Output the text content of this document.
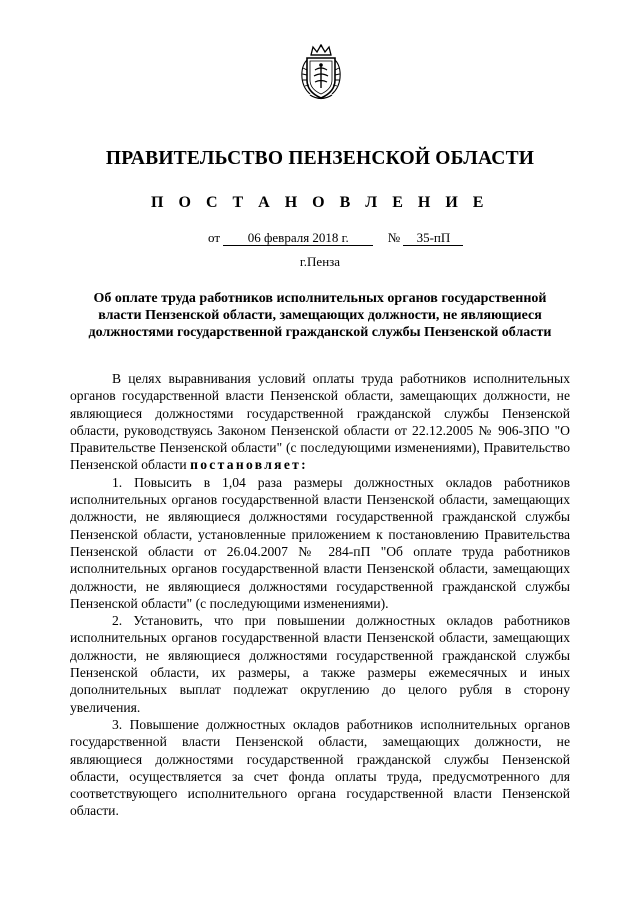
ПРАВИТЕЛЬСТВО ПЕНЗЕНСКОЙ ОБЛАСТИ
П О С Т А Н О В Л Е Н И Е
от 06 февраля 2018 г.	№ 35-пП
г.Пенза
Об оплате труда работников исполнительных органов государственной власти Пензенской области, замещающих должности, не являющиеся должностями государственной гражданской службы Пензенской области

В целях выравнивания условий оплаты труда работников исполнительных органов государственной власти Пензенской области, замещающих должности, не являющиеся должностями государственной гражданской службы Пензенской области, руководствуясь Законом Пензенской области от 22.12.2005 № 906-ЗПО "О Правительстве Пензенской области" (с последующими изменениями), Правительство Пензенской области постановляет:

1. Повысить в 1,04 раза размеры должностных окладов работников исполнительных органов государственной власти Пензенской области, замещающих должности, не являющиеся должностями государственной гражданской службы Пензенской области, установленные приложением к постановлению Правительства Пензенской области от 26.04.2007 № 284-пП "Об оплате труда работников исполнительных органов государственной власти Пензенской области, замещающих должности, не являющиеся должностями государственной гражданской службы Пензенской области" (с последующими изменениями).

2. Установить, что при повышении должностных окладов работников исполнительных органов государственной власти Пензенской области, замещающих должности, не являющиеся должностями государственной гражданской службы Пензенской области, их размеры, а также размеры ежемесячных и иных дополнительных выплат подлежат округлению до целого рубля в сторону увеличения.

3. Повышение должностных окладов работников исполнительных органов государственной власти Пензенской области, замещающих должности, не являющиеся должностями государственной гражданской службы Пензенской области, осуществляется за счет фонда оплаты труда, предусмотренного для соответствующего исполнительного органа государственной власти Пензенской области.
